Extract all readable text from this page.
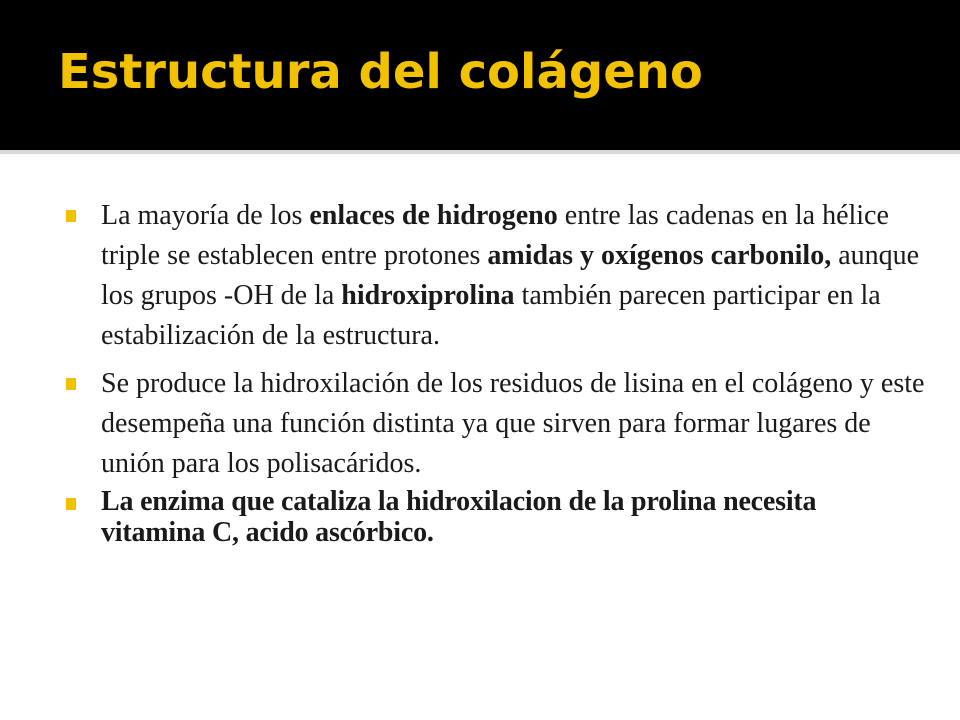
Estructura del colágeno
La mayoría de los enlaces de hidrogeno entre las cadenas en la hélice triple se establecen entre protones amidas y oxígenos carbonilo, aunque los grupos -OH de la hidroxiprolina también parecen participar en la estabilización de la estructura.
Se produce la hidroxilación de los residuos de lisina en el colágeno y este desempeña una función distinta ya que sirven para formar lugares de unión para los polisacáridos.
La enzima que cataliza la hidroxilacion de la prolina necesita vitamina C, acido ascórbico.
